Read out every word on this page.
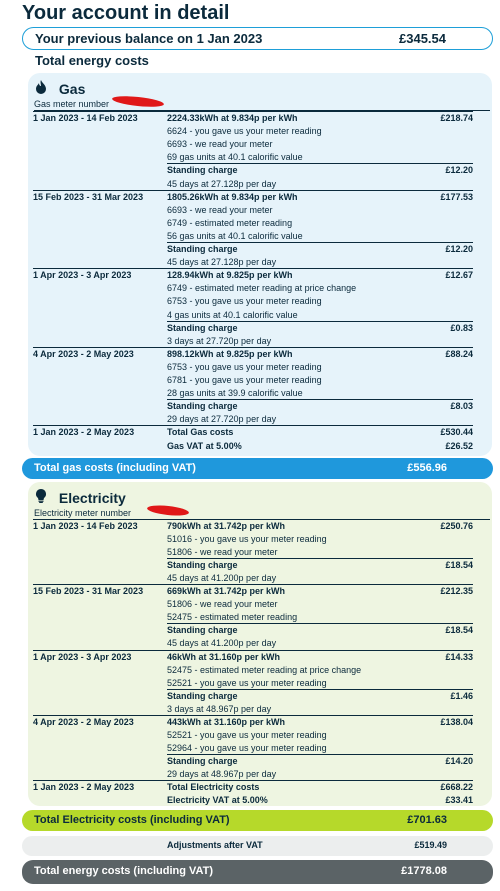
Your account in detail
Your previous balance on 1 Jan 2023	£345.54
Total energy costs
Gas
Gas meter number
1 Jan 2023 - 14 Feb 2023	2224.33kWh at 9.834p per kWh	£218.74
6624 - you gave us your meter reading
6693 - we read your meter
69 gas units at 40.1 calorific value
Standing charge	£12.20
45 days at 27.128p per day
15 Feb 2023 - 31 Mar 2023	1805.26kWh at 9.834p per kWh	£177.53
6693 - we read your meter
6749 - estimated meter reading
56 gas units at 40.1 calorific value
Standing charge	£12.20
45 days at 27.128p per day
1 Apr 2023 - 3 Apr 2023	128.94kWh at 9.825p per kWh	£12.67
6749 - estimated meter reading at price change
6753 - you gave us your meter reading
4 gas units at 40.1 calorific value
Standing charge	£0.83
3 days at 27.720p per day
4 Apr 2023 - 2 May 2023	898.12kWh at 9.825p per kWh	£88.24
6753 - you gave us your meter reading
6781 - you gave us your meter reading
28 gas units at 39.9 calorific value
Standing charge	£8.03
29 days at 27.720p per day
1 Jan 2023 - 2 May 2023	Total Gas costs	£530.44
Gas VAT at 5.00%	£26.52
Total gas costs (including VAT)	£556.96
Electricity
Electricity meter number
1 Jan 2023 - 14 Feb 2023	790kWh at 31.742p per kWh	£250.76
51016 - you gave us your meter reading
51806 - we read your meter
Standing charge	£18.54
45 days at 41.200p per day
15 Feb 2023 - 31 Mar 2023	669kWh at 31.742p per kWh	£212.35
51806 - we read your meter
52475 - estimated meter reading
Standing charge	£18.54
45 days at 41.200p per day
1 Apr 2023 - 3 Apr 2023	46kWh at 31.160p per kWh	£14.33
52475 - estimated meter reading at price change
52521 - you gave us your meter reading
Standing charge	£1.46
3 days at 48.967p per day
4 Apr 2023 - 2 May 2023	443kWh at 31.160p per kWh	£138.04
52521 - you gave us your meter reading
52964 - you gave us your meter reading
Standing charge	£14.20
29 days at 48.967p per day
1 Jan 2023 - 2 May 2023	Total Electricity costs	£668.22
Electricity VAT at 5.00%	£33.41
Total Electricity costs (including VAT)	£701.63
Adjustments after VAT	£519.49
Total energy costs (including VAT)	£1778.08
